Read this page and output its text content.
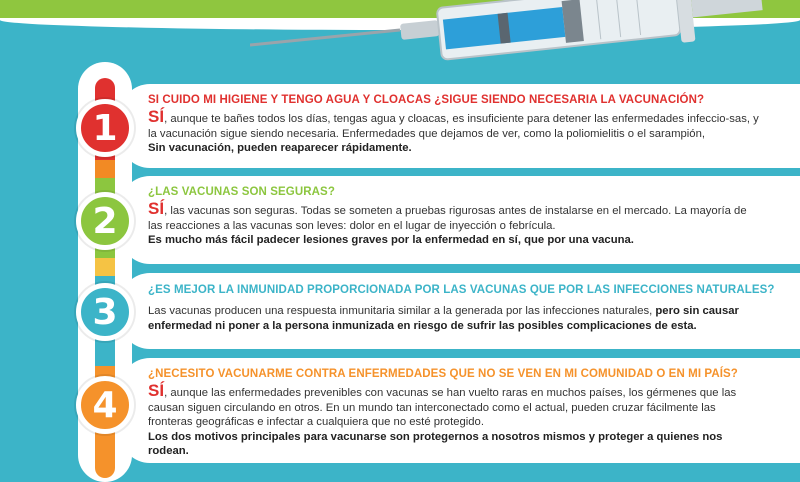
SI CUIDO MI HIGIENE Y TENGO AGUA Y CLOACAS ¿SIGUE SIENDO NECESARIA LA VACUNACIÓN?

SÍ, aunque te bañes todos los días, tengas agua y cloacas, es insuficiente para detener las enfermedades infeccio-sas, y la vacunación sigue siendo necesaria. Enfermedades que dejamos de ver, como la poliomielitis o el sarampión,
Sin vacunación, pueden reaparecer rápidamente.

1

¿LAS VACUNAS SON SEGURAS?

SÍ, las vacunas son seguras. Todas se someten a pruebas rigurosas antes de instalarse en el mercado. La mayoría de las reacciones a las vacunas son leves: dolor en el lugar de inyección o febrícula.
Es mucho más fácil padecer lesiones graves por la enfermedad en sí, que por una vacuna.

2

¿ES MEJOR LA INMUNIDAD PROPORCIONADA POR LAS VACUNAS QUE POR LAS INFECCIONES NATURALES?

Las vacunas producen una respuesta inmunitaria similar a la generada por las infecciones naturales, pero sin causar enfermedad ni poner a la persona inmunizada en riesgo de sufrir las posibles complicaciones de esta.

3

¿NECESITO VACUNARME CONTRA ENFERMEDADES QUE NO SE VEN EN MI COMUNIDAD O EN MI PAÍS?

SÍ, aunque las enfermedades prevenibles con vacunas se han vuelto raras en muchos países, los gérmenes que las causan siguen circulando en otros. En un mundo tan interconectado como el actual, pueden cruzar fácilmente las fronteras geográficas e infectar a cualquiera que no esté protegido.
Los dos motivos principales para vacunarse son protegernos a nosotros mismos y proteger a quienes nos rodean.

4
